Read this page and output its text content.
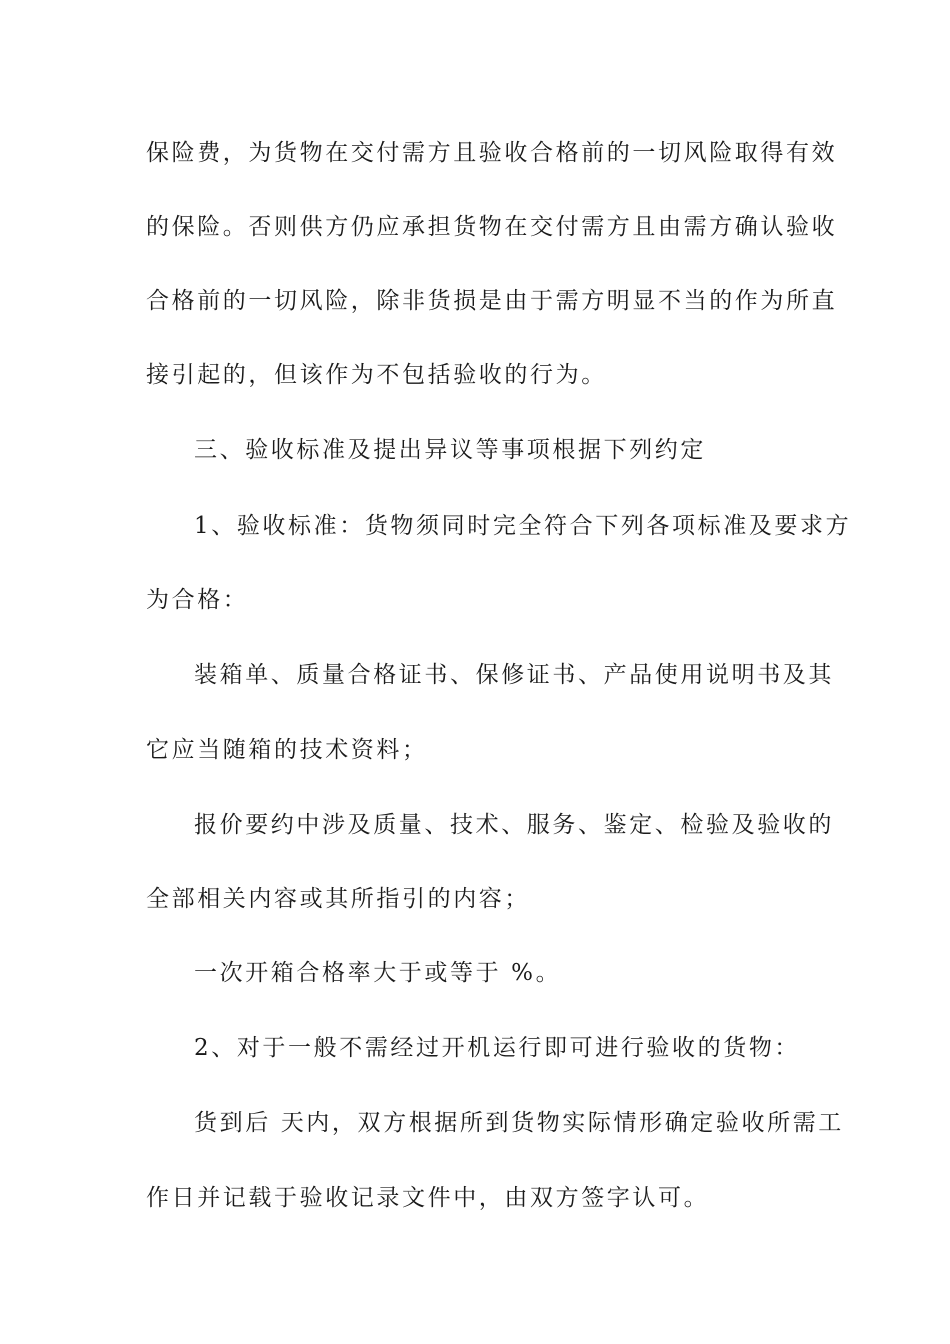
保险费，为货物在交付需方且验收合格前的一切风险取得有效
的保险。否则供方仍应承担货物在交付需方且由需方确认验收
合格前的一切风险，除非货损是由于需方明显不当的作为所直
接引起的，但该作为不包括验收的行为。
三、验收标准及提出异议等事项根据下列约定
1、验收标准：货物须同时完全符合下列各项标准及要求方
为合格：
装箱单、质量合格证书、保修证书、产品使用说明书及其
它应当随箱的技术资料；
报价要约中涉及质量、技术、服务、鉴定、检验及验收的
全部相关内容或其所指引的内容；
一次开箱合格率大于或等于 %。
2、对于一般不需经过开机运行即可进行验收的货物：
货到后 天内，双方根据所到货物实际情形确定验收所需工
作日并记载于验收记录文件中，由双方签字认可。
